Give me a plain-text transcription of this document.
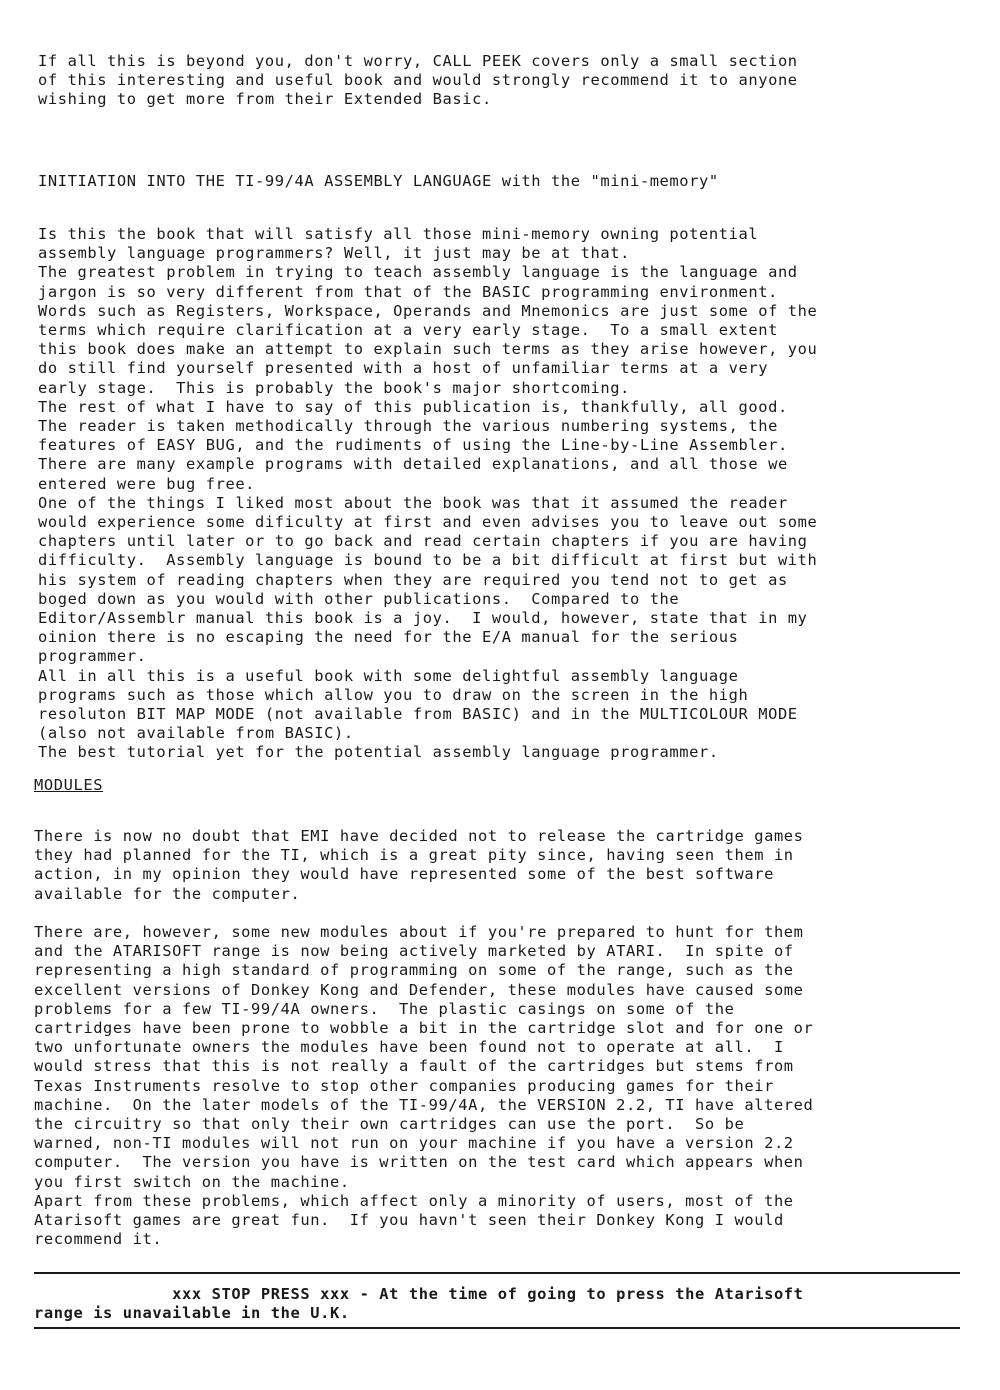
If all this is beyond you, don't worry, CALL PEEK covers only a small section
of this interesting and useful book and would strongly recommend it to anyone
wishing to get more from their Extended Basic.

INITIATION INTO THE TI-99/4A ASSEMBLY LANGUAGE with the "mini-memory"

Is this the book that will satisfy all those mini-memory owning potential
assembly language programmers? Well, it just may be at that.
The greatest problem in trying to teach assembly language is the language and
jargon is so very different from that of the BASIC programming environment.
Words such as Registers, Workspace, Operands and Mnemonics are just some of the
terms which require clarification at a very early stage.  To a small extent
this book does make an attempt to explain such terms as they arise however, you
do still find yourself presented with a host of unfamiliar terms at a very
early stage.  This is probably the book's major shortcoming.
The rest of what I have to say of this publication is, thankfully, all good.
The reader is taken methodically through the various numbering systems, the
features of EASY BUG, and the rudiments of using the Line-by-Line Assembler.
There are many example programs with detailed explanations, and all those we
entered were bug free.
One of the things I liked most about the book was that it assumed the reader
would experience some dificulty at first and even advises you to leave out some
chapters until later or to go back and read certain chapters if you are having
difficulty.  Assembly language is bound to be a bit difficult at first but with
his system of reading chapters when they are required you tend not to get as
boged down as you would with other publications.  Compared to the
Editor/Assemblr manual this book is a joy.  I would, however, state that in my
oinion there is no escaping the need for the E/A manual for the serious
programmer.
All in all this is a useful book with some delightful assembly language
programs such as those which allow you to draw on the screen in the high
resoluton BIT MAP MODE (not available from BASIC) and in the MULTICOLOUR MODE
(also not available from BASIC).
The best tutorial yet for the potential assembly language programmer.

MODULES

There is now no doubt that EMI have decided not to release the cartridge games
they had planned for the TI, which is a great pity since, having seen them in
action, in my opinion they would have represented some of the best software
available for the computer.

There are, however, some new modules about if you're prepared to hunt for them
and the ATARISOFT range is now being actively marketed by ATARI.  In spite of
representing a high standard of programming on some of the range, such as the
excellent versions of Donkey Kong and Defender, these modules have caused some
problems for a few TI-99/4A owners.  The plastic casings on some of the
cartridges have been prone to wobble a bit in the cartridge slot and for one or
two unfortunate owners the modules have been found not to operate at all.  I
would stress that this is not really a fault of the cartridges but stems from
Texas Instruments resolve to stop other companies producing games for their
machine.  On the later models of the TI-99/4A, the VERSION 2.2, TI have altered
the circuitry so that only their own cartridges can use the port.  So be
warned, non-TI modules will not run on your machine if you have a version 2.2
computer.  The version you have is written on the test card which appears when
you first switch on the machine.
Apart from these problems, which affect only a minority of users, most of the
Atarisoft games are great fun.  If you havn't seen their Donkey Kong I would
recommend it.

xxx STOP PRESS xxx - At the time of going to press the Atarisoft
range is unavailable in the U.K.
